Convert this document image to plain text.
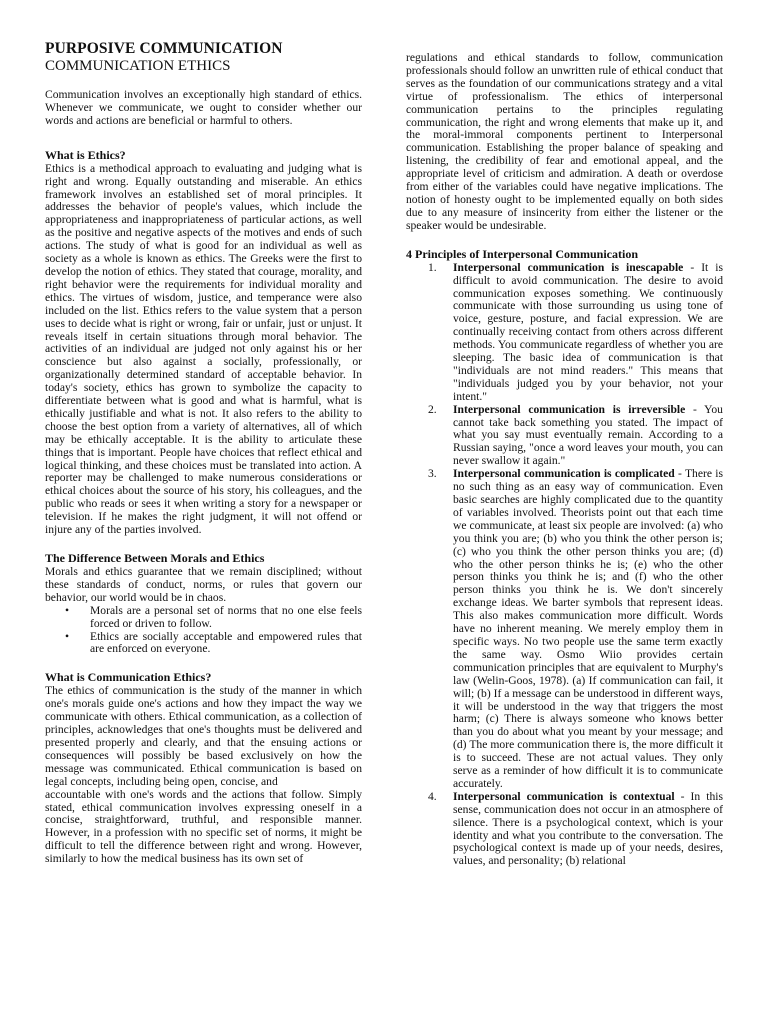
PURPOSIVE COMMUNICATION
COMMUNICATION ETHICS

Communication involves an exceptionally high standard of ethics. Whenever we communicate, we ought to consider whether our words and actions are beneficial or harmful to others.

What is Ethics?

Ethics is a methodical approach to evaluating and judging what is right and wrong. Equally outstanding and miserable. An ethics framework involves an established set of moral principles. It addresses the behavior of people's values, which include the appropriateness and inappropriateness of particular actions, as well as the positive and negative aspects of the motives and ends of such actions. The study of what is good for an individual as well as society as a whole is known as ethics. The Greeks were the first to develop the notion of ethics. They stated that courage, morality, and right behavior were the requirements for individual morality and ethics. The virtues of wisdom, justice, and temperance were also included on the list. Ethics refers to the value system that a person uses to decide what is right or wrong, fair or unfair, just or unjust. It reveals itself in certain situations through moral behavior. The activities of an individual are judged not only against his or her conscience but also against a socially, professionally, or organizationally determined standard of acceptable behavior. In today's society, ethics has grown to symbolize the capacity to differentiate between what is good and what is harmful, what is ethically justifiable and what is not. It also refers to the ability to choose the best option from a variety of alternatives, all of which may be ethically acceptable. It is the ability to articulate these things that is important. People have choices that reflect ethical and logical thinking, and these choices must be translated into action. A reporter may be challenged to make numerous considerations or ethical choices about the source of his story, his colleagues, and the public who reads or sees it when writing a story for a newspaper or television. If he makes the right judgment, it will not offend or injure any of the parties involved.

The Difference Between Morals and Ethics

Morals and ethics guarantee that we remain disciplined; without these standards of conduct, norms, or rules that govern our behavior, our world would be in chaos.

• Morals are a personal set of norms that no one else feels forced or driven to follow.
• Ethics are socially acceptable and empowered rules that are enforced on everyone.
What is Communication Ethics?

The ethics of communication is the study of the manner in which one's morals guide one's actions and how they impact the way we communicate with others. Ethical communication, as a collection of principles, acknowledges that one's thoughts must be delivered and presented properly and clearly, and that the ensuing actions or consequences will possibly be based exclusively on how the message was communicated. Ethical communication is based on legal concepts, including being open, concise, and

accountable with one's words and the actions that follow. Simply stated, ethical communication involves expressing oneself in a concise, straightforward, truthful, and responsible manner. However, in a profession with no specific set of norms, it might be difficult to tell the difference between right and wrong. However, similarly to how the medical business has its own set of

regulations and ethical standards to follow, communication professionals should follow an unwritten rule of ethical conduct that serves as the foundation of our communications strategy and a vital virtue of professionalism. The ethics of interpersonal communication pertains to the principles regulating communication, the right and wrong elements that make up it, and the moral-immoral components pertinent to Interpersonal communication. Establishing the proper balance of speaking and listening, the credibility of fear and emotional appeal, and the appropriate level of criticism and admiration. A death or overdose from either of the variables could have negative implications. The notion of honesty ought to be implemented equally on both sides due to any measure of insincerity from either the listener or the speaker would be undesirable.

4 Principles of Interpersonal Communication
1. Interpersonal communication is inescapable - It is difficult to avoid communication. The desire to avoid communication exposes something. We continuously communicate with those surrounding us using tone of voice, gesture, posture, and facial expression. We are continually receiving contact from others across different methods. You communicate regardless of whether you are sleeping. The basic idea of communication is that "individuals are not mind readers." This means that "individuals judged you by your behavior, not your intent."
2. Interpersonal communication is irreversible - You cannot take back something you stated. The impact of what you say must eventually remain. According to a Russian saying, "once a word leaves your mouth, you can never swallow it again."
3. Interpersonal communication is complicated - There is no such thing as an easy way of communication. Even basic searches are highly complicated due to the quantity of variables involved. Theorists point out that each time we communicate, at least six people are involved: (a) who you think you are; (b) who you think the other person is; (c) who you think the other person thinks you are; (d) who the other person thinks he is; (e) who the other person thinks you think he is; and (f) who the other person thinks you think he is. We don't sincerely exchange ideas. We barter symbols that represent ideas. This also makes communication more difficult. Words have no inherent meaning. We merely employ them in specific ways. No two people use the same term exactly the same way. Osmo Wiio provides certain communication principles that are equivalent to Murphy's law (Welin-Goos, 1978). (a) If communication can fail, it will; (b) If a message can be understood in different ways, it will be understood in the way that triggers the most harm; (c) There is always someone who knows better than you do about what you meant by your message; and (d) The more communication there is, the more difficult it is to succeed. These are not actual values. They only serve as a reminder of how difficult it is to communicate accurately.
4. Interpersonal communication is contextual - In this sense, communication does not occur in an atmosphere of silence. There is a psychological context, which is your identity and what you contribute to the conversation. The psychological context is made up of your needs, desires, values, and personality; (b) relational
